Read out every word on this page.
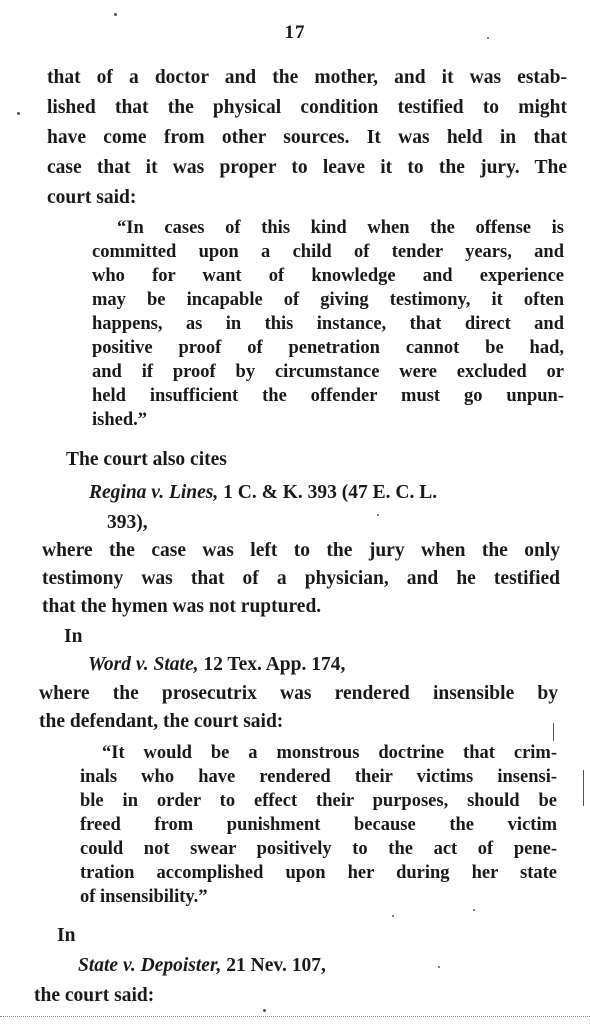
17
that of a doctor and the mother, and it was estab-
lished that the physical condition testified to might
have come from other sources. It was held in that
case that it was proper to leave it to the jury. The
court said:
“In cases of this kind when the offense is
committed upon a child of tender years, and
who for want of knowledge and experience
may be incapable of giving testimony, it often
happens, as in this instance, that direct and
positive proof of penetration cannot be had,
and if proof by circumstance were excluded or
held insufficient the offender must go unpun-
ished.”
The court also cites
Regina v. Lines, 1 C. & K. 393 (47 E. C. L.
393),
where the case was left to the jury when the only
testimony was that of a physician, and he testified
that the hymen was not ruptured.
In
Word v. State, 12 Tex. App. 174,
where the prosecutrix was rendered insensible by
the defendant, the court said:
“It would be a monstrous doctrine that crim-
inals who have rendered their victims insensi-
ble in order to effect their purposes, should be
freed from punishment because the victim
could not swear positively to the act of pene-
tration accomplished upon her during her state
of insensibility.”
In
State v. Depoister, 21 Nev. 107,
the court said:
